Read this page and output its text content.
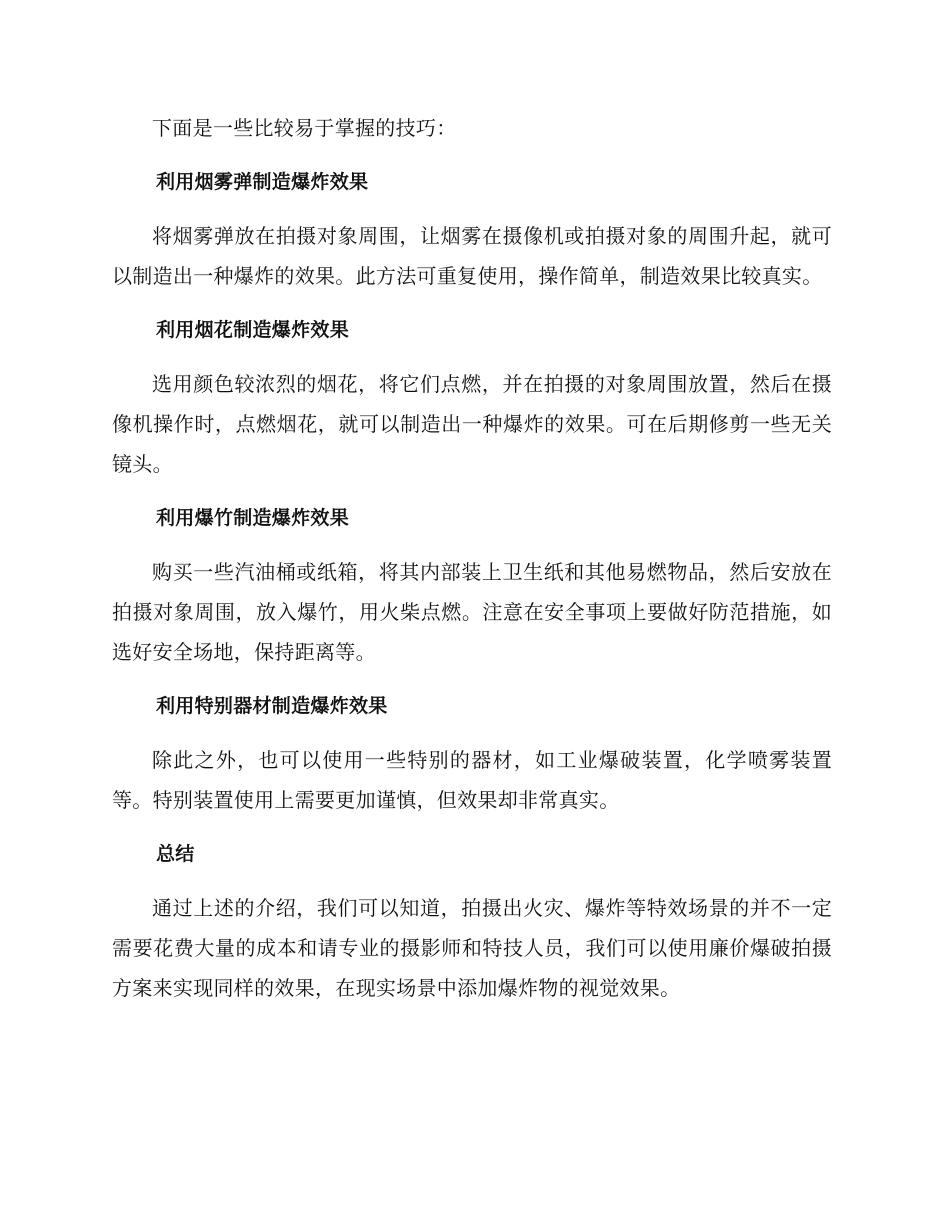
下面是一些比较易于掌握的技巧：

利用烟雾弹制造爆炸效果

将烟雾弹放在拍摄对象周围，让烟雾在摄像机或拍摄对象的周围升起，就可以制造出一种爆炸的效果。此方法可重复使用，操作简单，制造效果比较真实。

利用烟花制造爆炸效果

选用颜色较浓烈的烟花，将它们点燃，并在拍摄的对象周围放置，然后在摄像机操作时，点燃烟花，就可以制造出一种爆炸的效果。可在后期修剪一些无关镜头。

利用爆竹制造爆炸效果

购买一些汽油桶或纸箱，将其内部装上卫生纸和其他易燃物品，然后安放在拍摄对象周围，放入爆竹，用火柴点燃。注意在安全事项上要做好防范措施，如选好安全场地，保持距离等。

利用特别器材制造爆炸效果

除此之外，也可以使用一些特别的器材，如工业爆破装置，化学喷雾装置等。特别装置使用上需要更加谨慎，但效果却非常真实。

总结

通过上述的介绍，我们可以知道，拍摄出火灾、爆炸等特效场景的并不一定需要花费大量的成本和请专业的摄影师和特技人员，我们可以使用廉价爆破拍摄方案来实现同样的效果，在现实场景中添加爆炸物的视觉效果。
